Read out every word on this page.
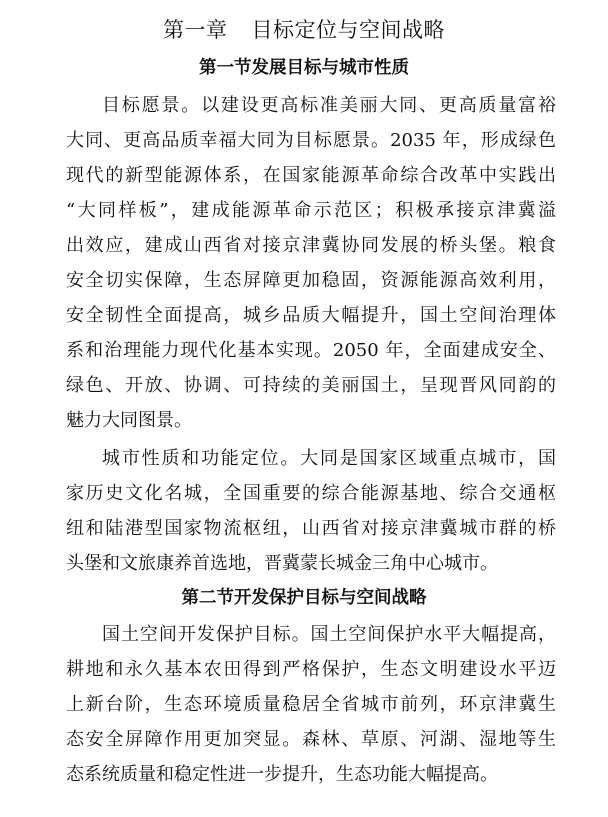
第一章 目标定位与空间战略
第一节发展目标与城市性质
目标愿景。以建设更高标准美丽大同、更高质量富裕
大同、更高品质幸福大同为目标愿景。2035 年，形成绿色
现代的新型能源体系，在国家能源革命综合改革中实践出
“大同样板”，建成能源革命示范区；积极承接京津冀溢
出效应，建成山西省对接京津冀协同发展的桥头堡。粮食
安全切实保障，生态屏障更加稳固，资源能源高效利用，
安全韧性全面提高，城乡品质大幅提升，国土空间治理体
系和治理能力现代化基本实现。2050 年，全面建成安全、
绿色、开放、协调、可持续的美丽国土，呈现晋风同韵的
魅力大同图景。
城市性质和功能定位。大同是国家区域重点城市，国
家历史文化名城，全国重要的综合能源基地、综合交通枢
纽和陆港型国家物流枢纽，山西省对接京津冀城市群的桥
头堡和文旅康养首选地，晋冀蒙长城金三角中心城市。
第二节开发保护目标与空间战略
国土空间开发保护目标。国土空间保护水平大幅提高，
耕地和永久基本农田得到严格保护，生态文明建设水平迈
上新台阶，生态环境质量稳居全省城市前列，环京津冀生
态安全屏障作用更加突显。森林、草原、河湖、湿地等生
态系统质量和稳定性进一步提升，生态功能大幅提高。
